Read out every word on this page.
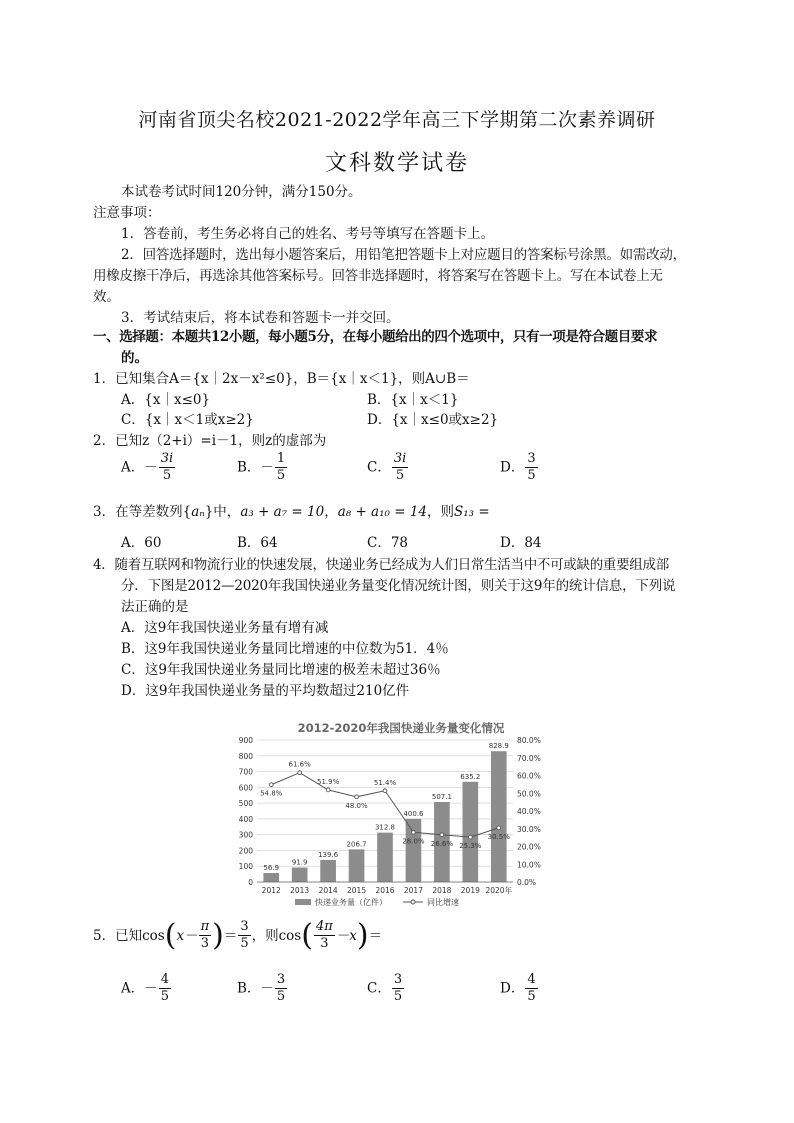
河南省顶尖名校2021-2022学年高三下学期第二次素养调研
文科数学试卷
本试卷考试时间120分钟，满分150分。
注意事项：
1．答卷前，考生务必将自己的姓名、考号等填写在答题卡上。
2．回答选择题时，选出每小题答案后，用铅笔把答题卡上对应题目的答案标号涂黑。如需改动，
用橡皮擦干净后，再选涂其他答案标号。回答非选择题时，将答案写在答题卡上。写在本试卷上无
效。
3．考试结束后，将本试卷和答题卡一并交回。
一、选择题：本题共12小题，每小题5分，在每小题给出的四个选项中，只有一项是符合题目要求
的。
1．已知集合A＝{x｜2x－x²≤0}，B＝{x｜x＜1}，则A∪B＝
A．{x｜x≤0}	B．{x｜x＜1}
C．{x｜x＜1或x≥2}	D．{x｜x≤0或x≥2}
2．已知z（2+i）=i－1，则z的虚部为
A．－ $\frac{3i}{5}$	B．－ $\frac{1}{5}$	C． $\frac{3i}{5}$	D． $\frac{3}{5}$
3．在等差数列{aₙ}中，a₃ + a₇ = 10，a₈ + a₁₀ = 14，则S₁₃ =
A．60	B．64	C．78	D．84
4．随着互联网和物流行业的快速发展，快递业务已经成为人们日常生活当中不可或缺的重要组成部
分．下图是2012—2020年我国快递业务量变化情况统计图，则关于这9年的统计信息，下列说
法正确的是
A．这9年我国快递业务量有增有减
B．这9年我国快递业务量同比增速的中位数为51．4％
C．这9年我国快递业务量同比增速的极差未超过36％
D．这9年我国快递业务量的平均数超过210亿件
2012-2020年我国快递业务量变化情况
56.9
91.9
139.6
206.7
312.8
400.6
507.1
635.2
828.9
54.8%
61.6%
51.9%
48.0%
51.4%
28.0% 26.6% 25.3%
30.5%
0
100
200
300
400
500
600
700
800
900
0.0%
10.0%
20.0%
30.0%
40.0%
50.0%
60.0%
70.0%
80.0%
2012 2013 2014 2015 2016 2017 2018 2019 2020年
快递业务量（亿件）	同比增速
5．已知cos ( $x- \frac{\pi}{3}$ ) ＝ $\frac{3}{5}$ ，则cos ( $\frac{4\pi}{3} -x$ ) ＝
A．－ $\frac{4}{5}$	B．－ $\frac{3}{5}$	C． $\frac{3}{5}$	D． $\frac{4}{5}$
